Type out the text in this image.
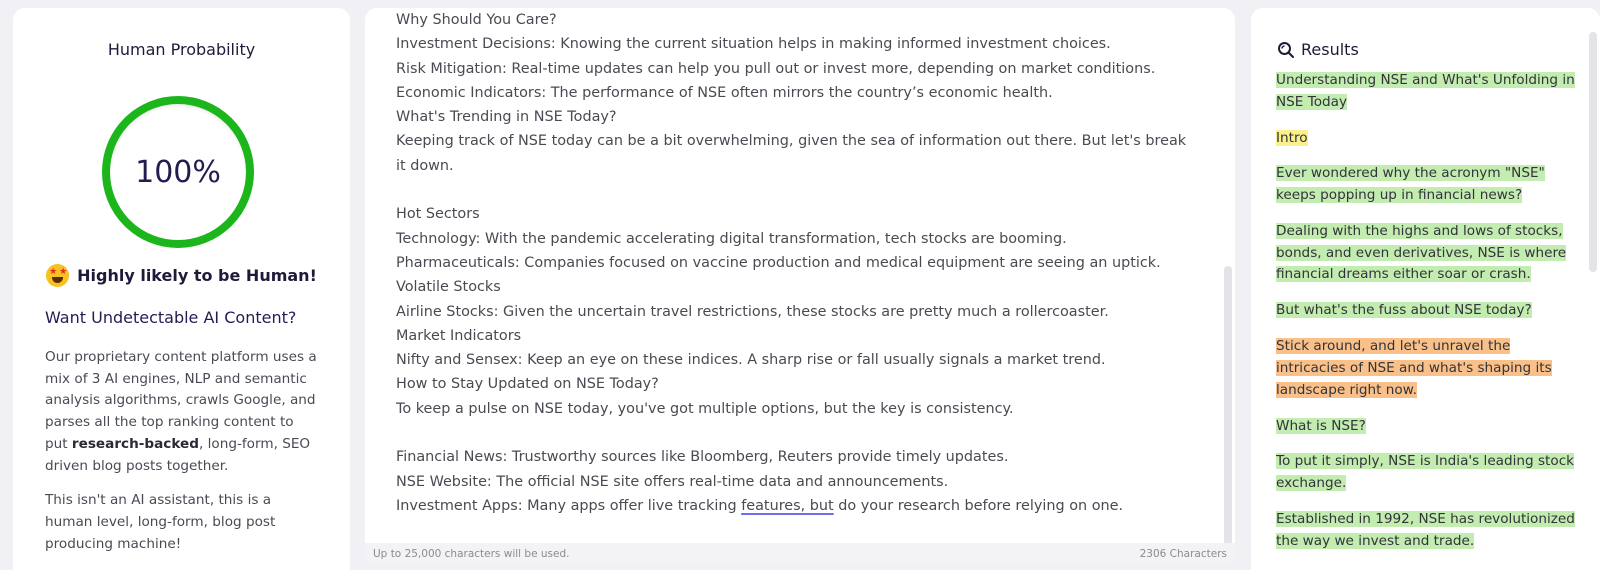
Human Probability
100%
★ ★ Highly likely to be Human!
Want Undetectable AI Content?

Our proprietary content platform uses a mix of 3 AI engines, NLP and semantic analysis algorithms, crawls Google, and parses all the top ranking content to put research-backed, long-form, SEO driven blog posts together.

This isn't an AI assistant, this is a human level, long-form, blog post producing machine!

Why Should You Care?
Investment Decisions: Knowing the current situation helps in making informed investment choices.
Risk Mitigation: Real-time updates can help you pull out or invest more, depending on market conditions.
Economic Indicators: The performance of NSE often mirrors the country’s economic health.
What's Trending in NSE Today?
Keeping track of NSE today can be a bit overwhelming, given the sea of information out there. But let's break it down.
Hot Sectors
Technology: With the pandemic accelerating digital transformation, tech stocks are booming.
Pharmaceuticals: Companies focused on vaccine production and medical equipment are seeing an uptick.
Volatile Stocks
Airline Stocks: Given the uncertain travel restrictions, these stocks are pretty much a rollercoaster.
Market Indicators
Nifty and Sensex: Keep an eye on these indices. A sharp rise or fall usually signals a market trend.
How to Stay Updated on NSE Today?
To keep a pulse on NSE today, you've got multiple options, but the key is consistency.
Financial News: Trustworthy sources like Bloomberg, Reuters provide timely updates.
NSE Website: The official NSE site offers real-time data and announcements.
Investment Apps: Many apps offer live tracking features, but do your research before relying on one.
Up to 25,000 characters will be used.	2306 Characters
Results
Understanding NSE and What's Unfolding in NSE Today
Intro
Ever wondered why the acronym "NSE" keeps popping up in financial news?
Dealing with the highs and lows of stocks, bonds, and even derivatives, NSE is where financial dreams either soar or crash.
But what's the fuss about NSE today?
Stick around, and let's unravel the intricacies of NSE and what's shaping its landscape right now.
What is NSE?
To put it simply, NSE is India's leading stock exchange.
Established in 1992, NSE has revolutionized the way we invest and trade.
